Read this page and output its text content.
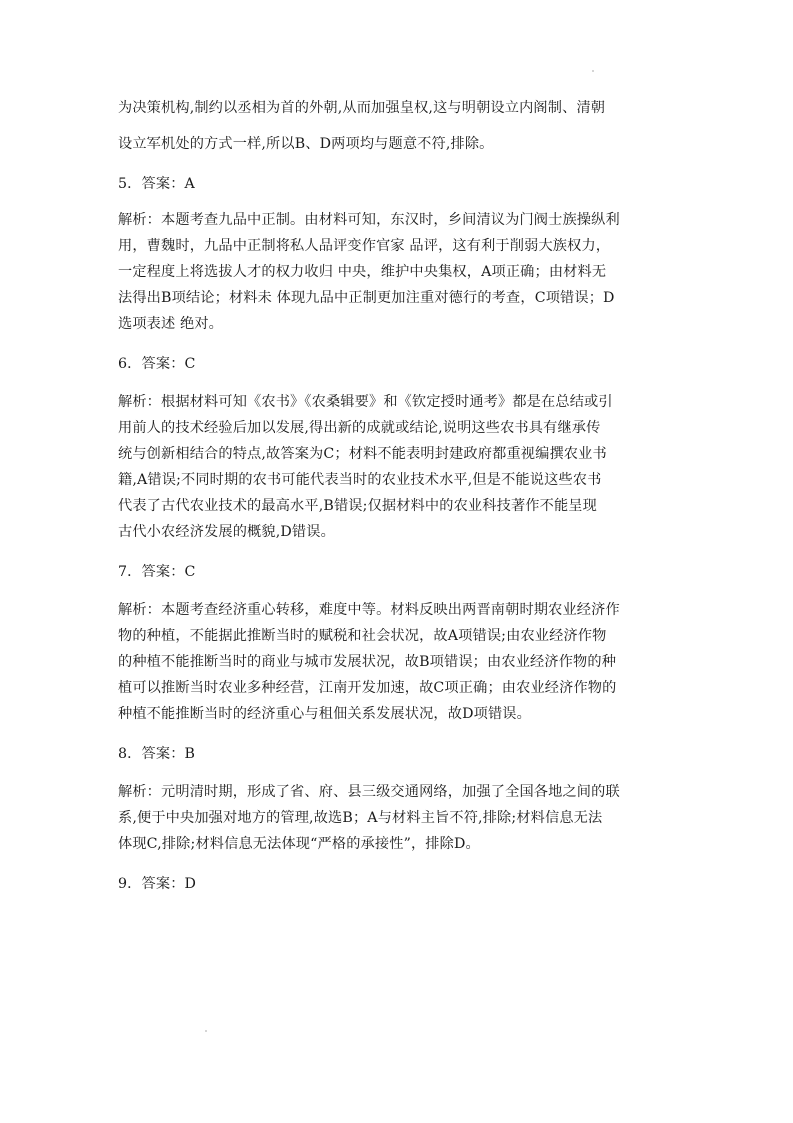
为决策机构,制约以丞相为首的外朝,从而加强皇权,这与明朝设立内阁制、清朝
设立军机处的方式一样,所以B、D两项均与题意不符,排除。
5．答案：A
解析：本题考查九品中正制。由材料可知，东汉时，乡间清议为门阀士族操纵利
用，曹魏时，九品中正制将私人品评变作官家 品评，这有利于削弱大族权力，
一定程度上将选拔人才的权力收归 中央，维护中央集权，A项正确；由材料无
法得出B项结论；材料未 体现九品中正制更加注重对德行的考查，C项错误；D
选项表述 绝对。
6．答案：C
解析：根据材料可知《农书》《农桑辑要》和《钦定授时通考》都是在总结或引
用前人的技术经验后加以发展,得出新的成就或结论,说明这些农书具有继承传
统与创新相结合的特点,故答案为C；材料不能表明封建政府都重视编撰农业书
籍,A错误;不同时期的农书可能代表当时的农业技术水平,但是不能说这些农书
代表了古代农业技术的最高水平,B错误;仅据材料中的农业科技著作不能呈现
古代小农经济发展的概貌,D错误。
7．答案：C
解析：本题考查经济重心转移，难度中等。材料反映出两晋南朝时期农业经济作
物的种植，不能据此推断当时的赋税和社会状况，故A项错误;由农业经济作物
的种植不能推断当时的商业与城市发展状况，故B项错误；由农业经济作物的种
植可以推断当时农业多种经营，江南开发加速，故C项正确；由农业经济作物的
种植不能推断当时的经济重心与租佃关系发展状况，故D项错误。
8．答案：B
解析：元明清时期，形成了省、府、县三级交通网络，加强了全国各地之间的联
系,便于中央加强对地方的管理,故选B；A与材料主旨不符,排除;材料信息无法
体现C,排除;材料信息无法体现“严格的承接性”，排除D。
9．答案：D
